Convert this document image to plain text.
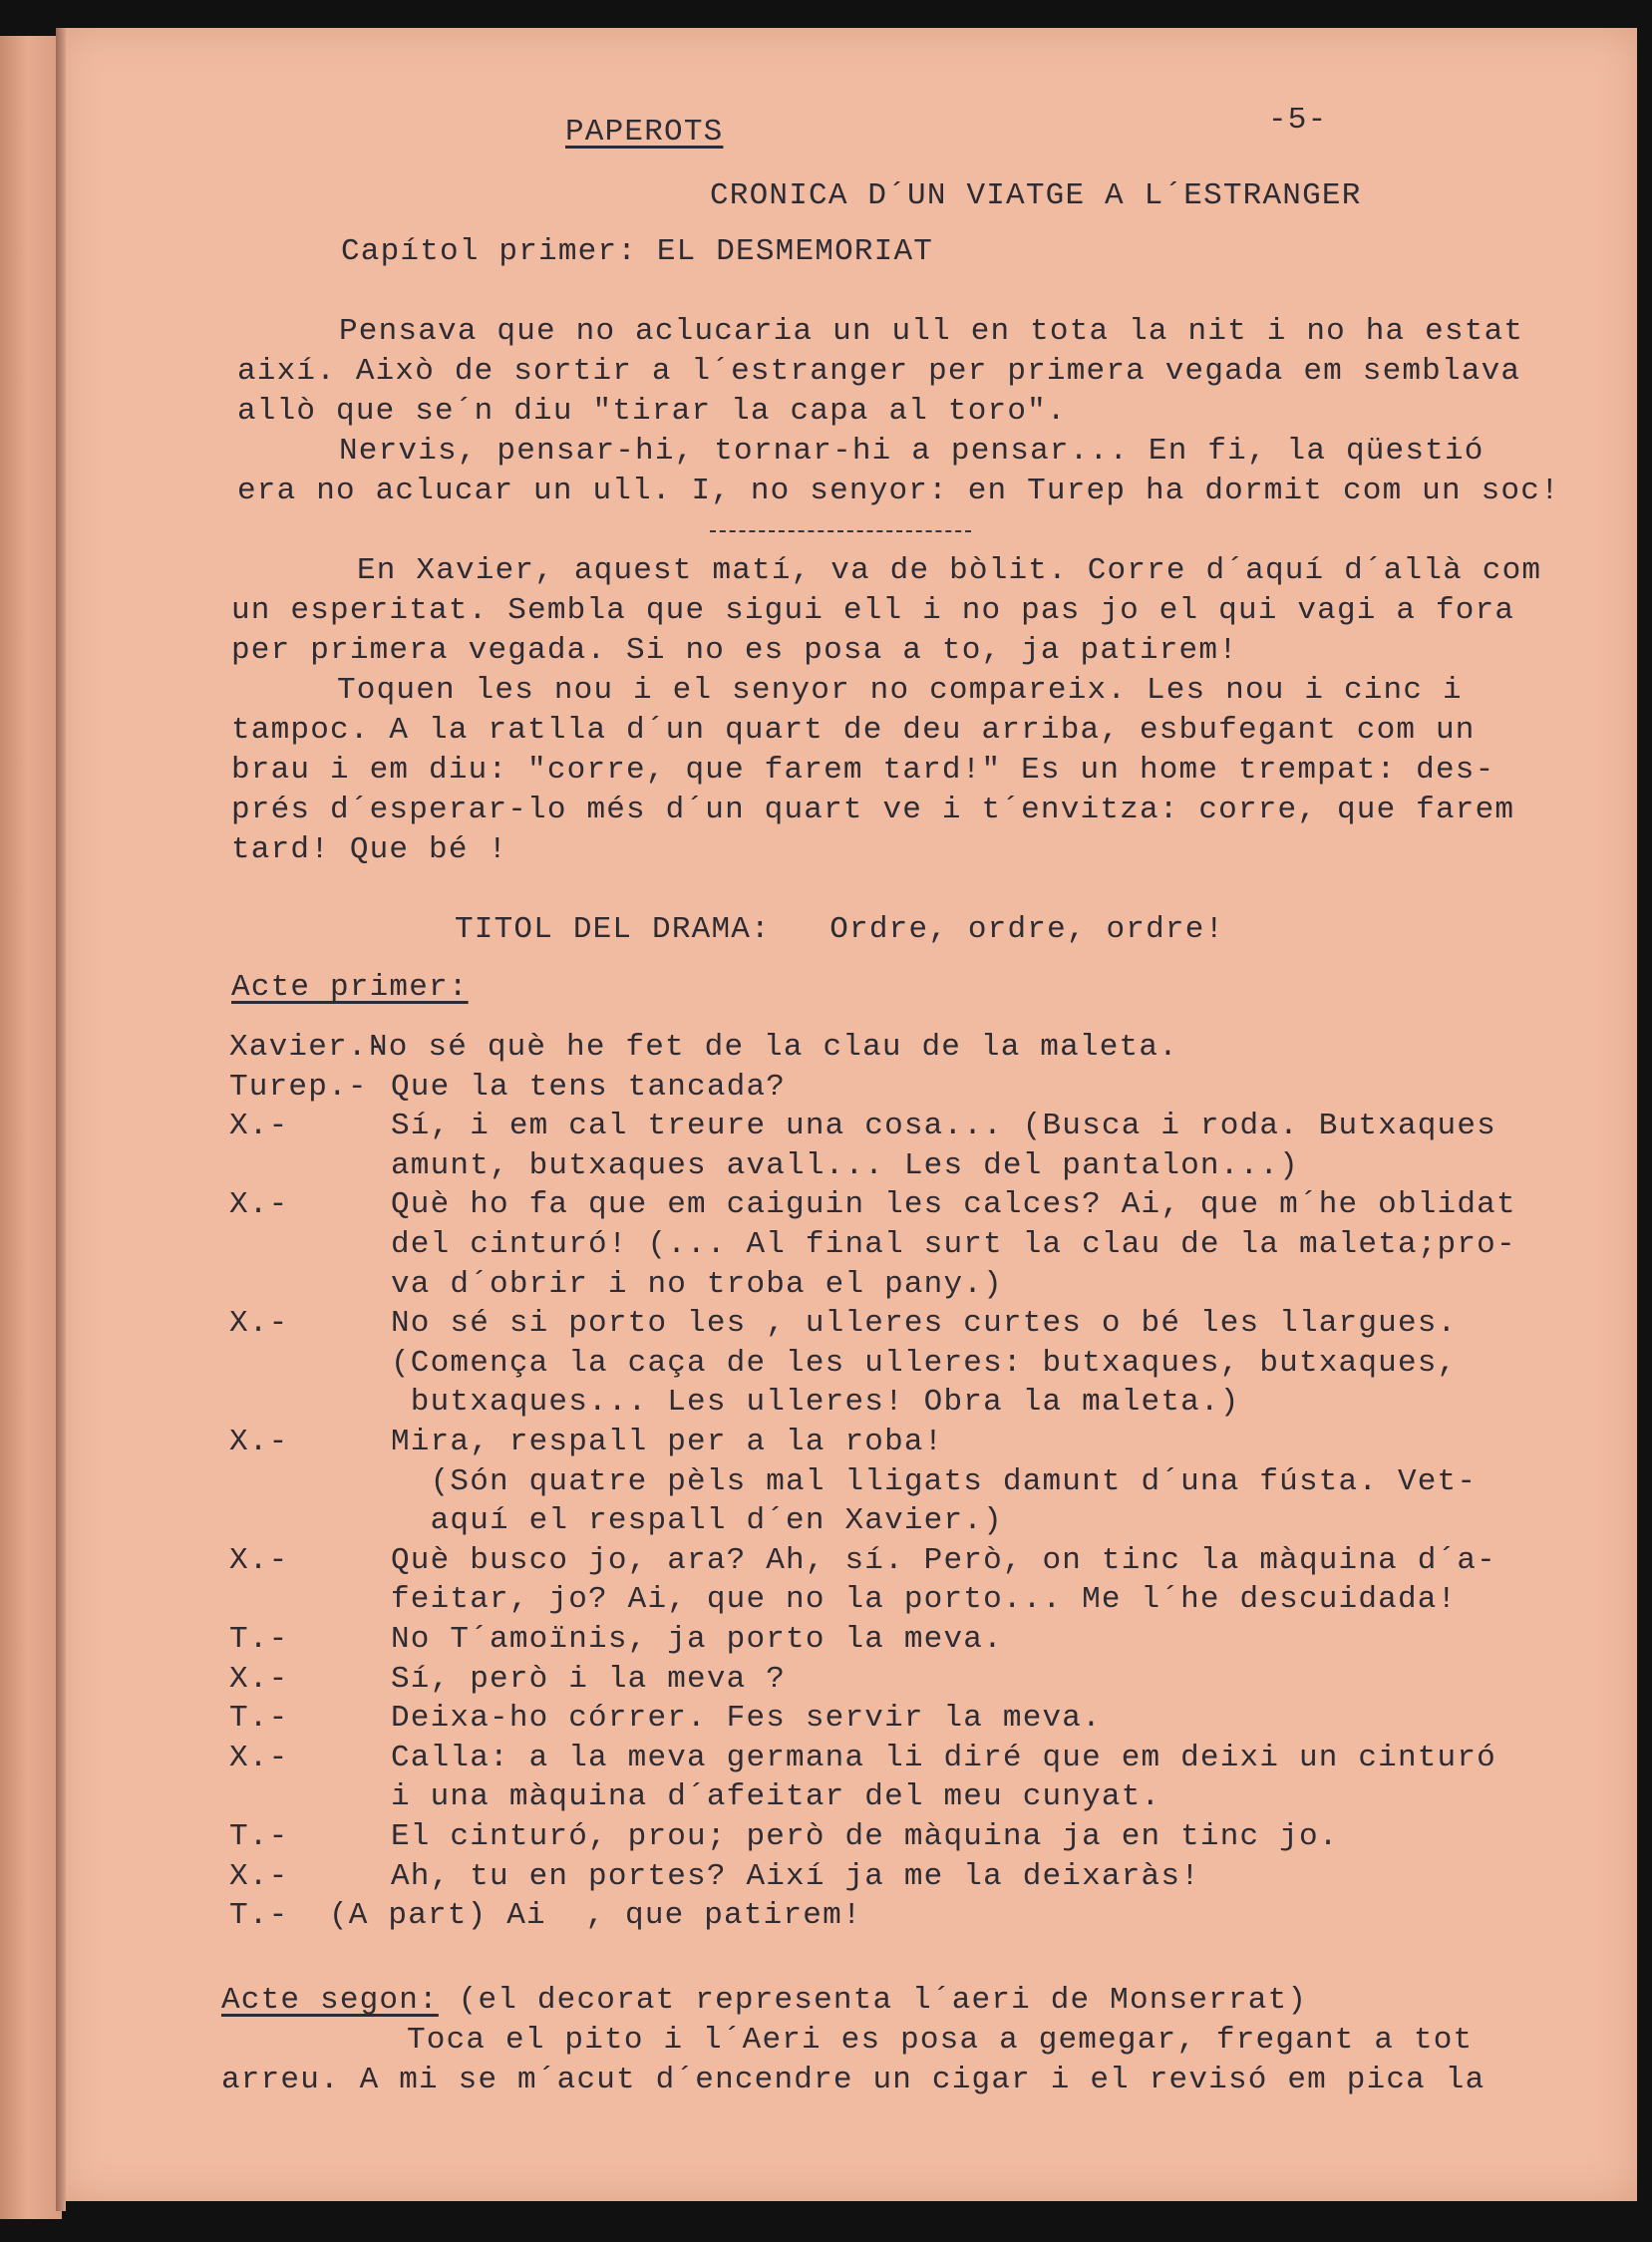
PAPEROTS	-5-
CRONICA D´UN VIATGE A L´ESTRANGER
Capítol primer: EL DESMEMORIAT
Pensava que no aclucaria un ull en tota la nit i no ha estat
així. Això de sortir a l´estranger per primera vegada em semblava
allò que se´n diu "tirar la capa al toro".
Nervis, pensar-hi, tornar-hi a pensar... En fi, la qüestió
era no aclucar un ull. I, no senyor: en Turep ha dormit com un soc!
En Xavier, aquest matí, va de bòlit. Corre d´aquí d´allà com
un esperitat. Sembla que sigui ell i no pas jo el qui vagi a fora
per primera vegada. Si no es posa a to, ja patirem!
Toquen les nou i el senyor no compareix. Les nou i cinc i
tampoc. A la ratlla d´un quart de deu arriba, esbufegant com un
brau i em diu: "corre, que farem tard!" Es un home trempat: des-
prés d´esperar-lo més d´un quart ve i t´envitza: corre, que farem
tard! Que bé !
TITOL DEL DRAMA:   Ordre, ordre, ordre!
Acte primer:
Xavier.-
No sé què he fet de la clau de la maleta.
Turep.- Que la tens tancada?
X.-	Sí, i em cal treure una cosa... (Busca i roda. Butxaques
amunt, butxaques avall... Les del pantalon...)
X.-	Què ho fa que em caiguin les calces? Ai, que m´he oblidat
del cinturó! (... Al final surt la clau de la maleta;pro-
va d´obrir i no troba el pany.)
X.-	No sé si porto les , ulleres curtes o bé les llargues.
(Comença la caça de les ulleres: butxaques, butxaques,
butxaques... Les ulleres! Obra la maleta.)
X.-	Mira, respall per a la roba!
(Són quatre pèls mal lligats damunt d´una fústa. Vet-
aquí el respall d´en Xavier.)
X.-	Què busco jo, ara? Ah, sí. Però, on tinc la màquina d´a-
feitar, jo? Ai, que no la porto... Me l´he descuidada!
T.-	No T´amoïnis, ja porto la meva.
X.-	Sí, però i la meva ?
T.-	Deixa-ho córrer. Fes servir la meva.
X.-	Calla: a la meva germana li diré que em deixi un cinturó
i una màquina d´afeitar del meu cunyat.
T.-	El cinturó, prou; però de màquina ja en tinc jo.
X.-	Ah, tu en portes? Així ja me la deixaràs!
T.- (A part) Ai  , que patirem!
Acte segon: (el decorat representa l´aeri de Monserrat)
Toca el pito i l´Aeri es posa a gemegar, fregant a tot
arreu. A mi se m´acut d´encendre un cigar i el revisó em pica la
